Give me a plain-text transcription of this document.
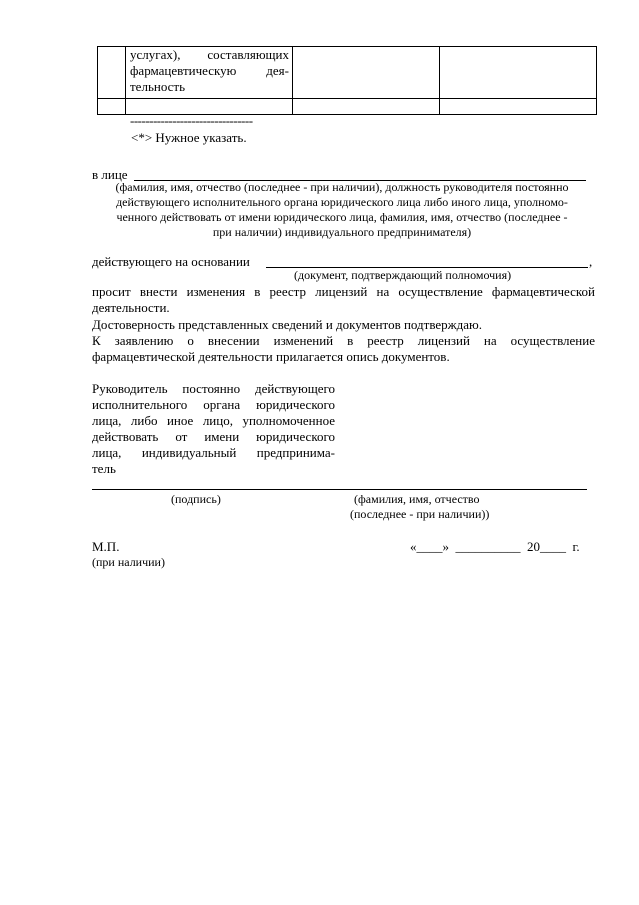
	услугах),     составляющих
фармацевтическую        дея-
тельность		

--------------------------------
<*> Нужное указать.
в лице
(фамилия, имя, отчество (последнее - при наличии), должность руководителя постоянно
действующего исполнительного органа юридического лица либо иного лица, уполномо-
ченного действовать от имени юридического лица, фамилия, имя, отчество (последнее -
при наличии) индивидуального предпринимателя)
действующего на основании	,
(документ, подтверждающий полномочия)
просит внести изменения в реестр лицензий на осуществление фармацевтической деятельности.
Достоверность представленных сведений и документов подтверждаю.
К заявлению о внесении изменений в реестр лицензий на осуществление фармацевтической деятельности прилагается опись документов.
Руководитель постоянно действующего
исполнительного органа юридического
лица, либо иное лицо, уполномоченное
действовать от имени юридического
лица, индивидуальный предпринима-
тель
(подпись)	(фамилия, имя, отчество
(последнее - при наличии))
М.П.
(при наличии)
«____»  __________  20____  г.
